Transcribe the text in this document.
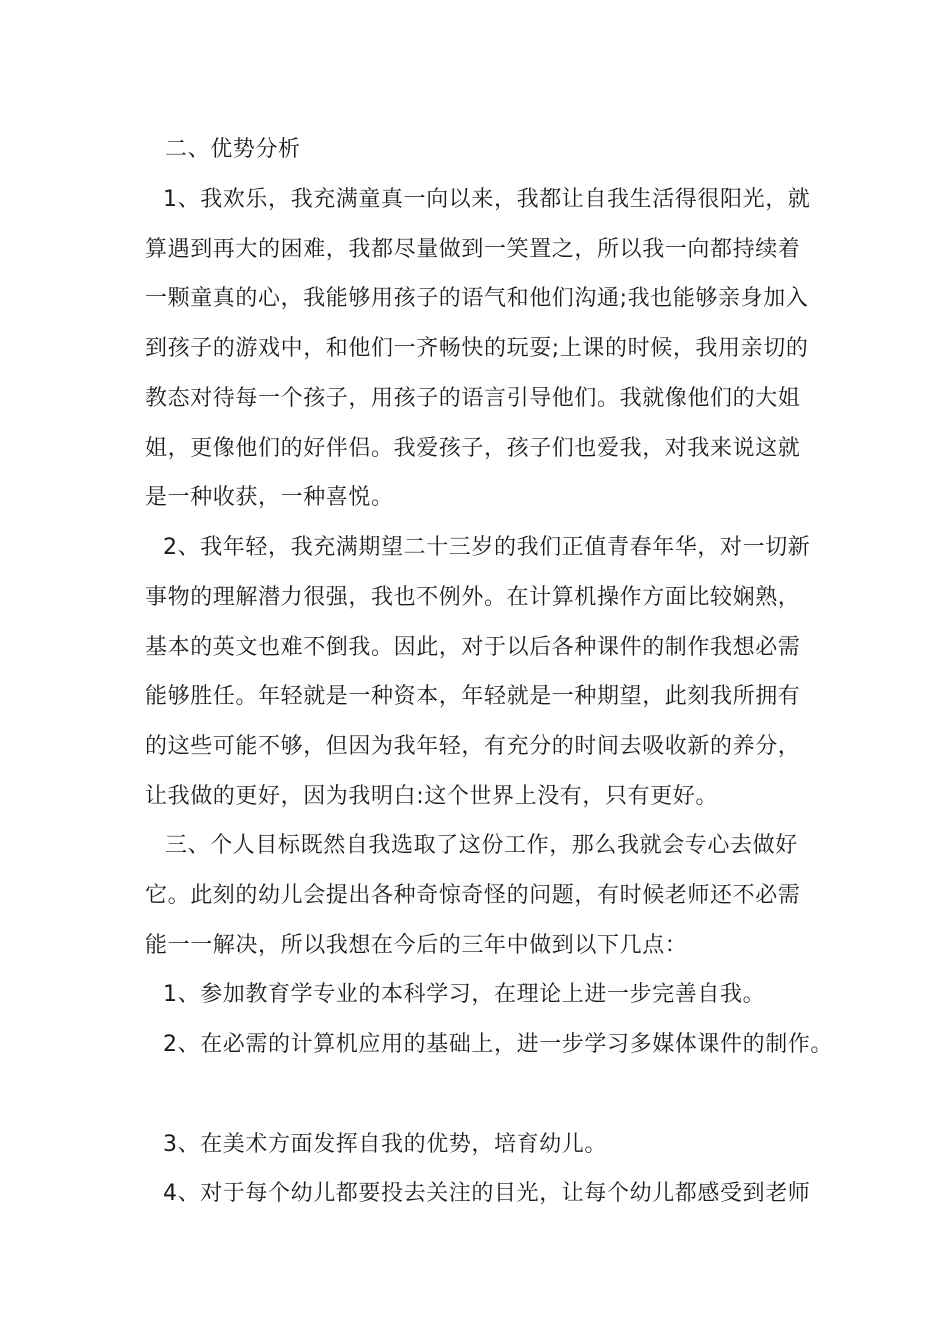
二、优势分析

1、我欢乐，我充满童真一向以来，我都让自我生活得很阳光，就

算遇到再大的困难，我都尽量做到一笑置之，所以我一向都持续着

一颗童真的心，我能够用孩子的语气和他们沟通;我也能够亲身加入

到孩子的游戏中，和他们一齐畅快的玩耍;上课的时候，我用亲切的

教态对待每一个孩子，用孩子的语言引导他们。我就像他们的大姐

姐，更像他们的好伴侣。我爱孩子，孩子们也爱我，对我来说这就

是一种收获，一种喜悦。

2、我年轻，我充满期望二十三岁的我们正值青春年华，对一切新

事物的理解潜力很强，我也不例外。在计算机操作方面比较娴熟，

基本的英文也难不倒我。因此，对于以后各种课件的制作我想必需

能够胜任。年轻就是一种资本，年轻就是一种期望，此刻我所拥有

的这些可能不够，但因为我年轻，有充分的时间去吸收新的养分，

让我做的更好，因为我明白:这个世界上没有，只有更好。

三、个人目标既然自我选取了这份工作，那么我就会专心去做好

它。此刻的幼儿会提出各种奇惊奇怪的问题，有时候老师还不必需

能一一解决，所以我想在今后的三年中做到以下几点：

1、参加教育学专业的本科学习，在理论上进一步完善自我。

2、在必需的计算机应用的基础上，进一步学习多媒体课件的制作。

3、在美术方面发挥自我的优势，培育幼儿。

4、对于每个幼儿都要投去关注的目光，让每个幼儿都感受到老师
